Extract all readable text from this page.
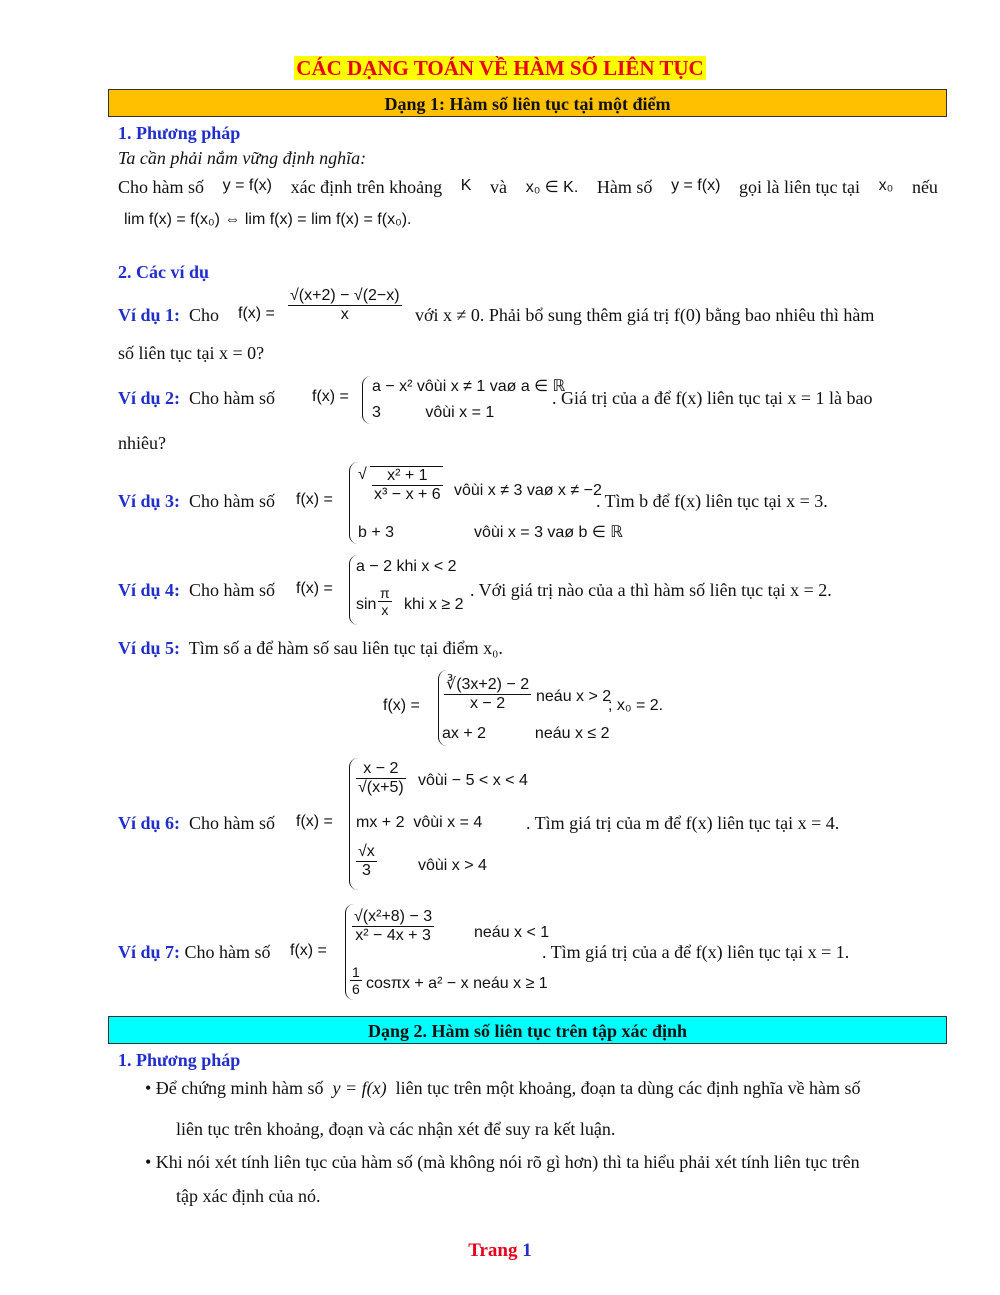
CÁC DẠNG TOÁN VỀ HÀM SỐ LIÊN TỤC
Dạng 1: Hàm số liên tục tại một điểm
1. Phương pháp
Ta cần phải nắm vững định nghĩa:
Cho hàm số y = f(x) xác định trên khoảng K và x₀ ∈ K. Hàm số y = f(x) gọi là liên tục tại x₀ nếu
lim f(x) = f(x₀) ⇔ lim f(x) = lim f(x) = f(x₀).
2. Các ví dụ
Ví dụ 1: Cho $f(x) = \frac{√(x+2) - √(2-x)}{x}$ với x ≠ 0. Phải bổ sung thêm giá trị f(0) bằng bao nhiêu thì hàm
số liên tục tại x = 0?
Ví dụ 2: Cho hàm số f(x) =
a − x² vôùi x ≠ 1 vaø a ∈ ℝ
3          vôùi x = 1
. Giá trị của a để f(x) liên tục tại x = 1 là bao
nhiêu?
Ví dụ 3: Cho hàm số f(x) =
√ $\frac{\text{x² + 1}}{\text{x³ − x + 6}}$ vôùi x ≠ 3 vaø x ≠ −2
b + 3                  vôùi x = 3 vaø b ∈ ℝ
. Tìm b để f(x) liên tục tại x = 3.
Ví dụ 4: Cho hàm số f(x) =
a − 2 khi x < 2
$\sin \frac{\pi}{x}$ khi x ≥ 2
. Với giá trị nào của a thì hàm số liên tục tại x = 2.
Ví dụ 5: Tìm số a để hàm số sau liên tục tại điểm x₀.
$f(x) = \frac{∛(3x+2) - 2}{x - 2}$ neáu x > 2
ax + 2           neáu x ≤ 2
; x₀ = 2.
Ví dụ 6: Cho hàm số f(x) =
$\frac{x - 2}{√(x+5)}$ vôùi − 5 < x < 4
mx + 2  vôùi x = 4
$\frac{√x}{3}$	vôùi x > 4
. Tìm giá trị của m để f(x) liên tục tại x = 4.
Ví dụ 7: Cho hàm số f(x) =
$\frac{\text{√(x²+8) − 3}}{\text{x² − 4x + 3}}$ neáu x < 1
$\frac{1}{6}$ cosπx + a² − x neáu x ≥ 1
. Tìm giá trị của a để f(x) liên tục tại x = 1.
Dạng 2. Hàm số liên tục trên tập xác định
1. Phương pháp
• Để chứng minh hàm số y = f(x) liên tục trên một khoảng, đoạn ta dùng các định nghĩa về hàm số
liên tục trên khoảng, đoạn và các nhận xét để suy ra kết luận.
• Khi nói xét tính liên tục của hàm số (mà không nói rõ gì hơn) thì ta hiểu phải xét tính liên tục trên
tập xác định của nó.
Trang 1
